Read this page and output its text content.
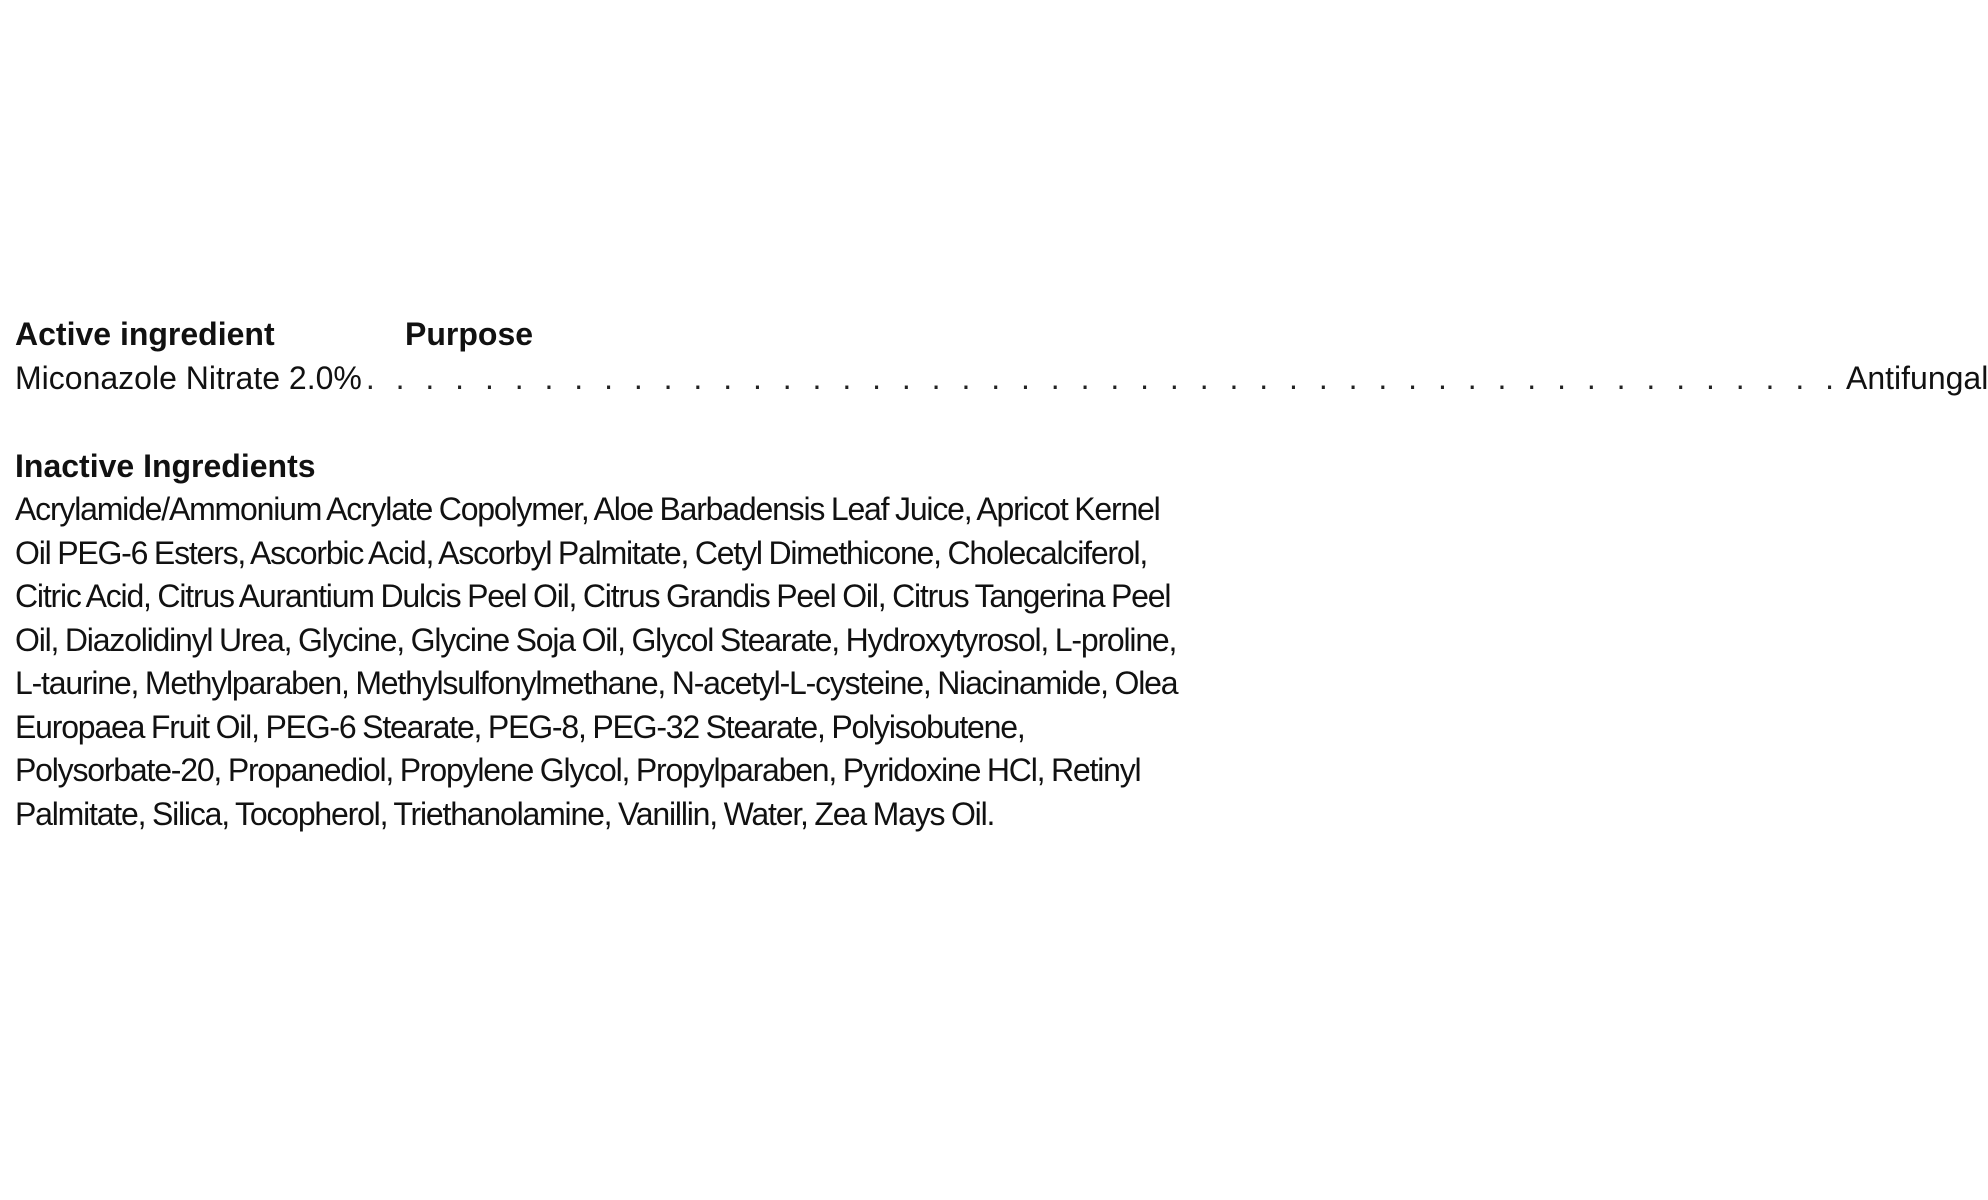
Active ingredient	Purpose
Miconazole Nitrate 2.0% . . . . . . . . . . . . . . . . . . . . . . . . . . . . . . . . . . . . . . . . . . . . . . . . . . Antifungal
Inactive Ingredients
Acrylamide/Ammonium Acrylate Copolymer, Aloe Barbadensis Leaf Juice, Apricot Kernel Oil PEG-6 Esters, Ascorbic Acid, Ascorbyl Palmitate, Cetyl Dimethicone, Cholecalciferol, Citric Acid, Citrus Aurantium Dulcis Peel Oil, Citrus Grandis Peel Oil, Citrus Tangerina Peel Oil, Diazolidinyl Urea, Glycine, Glycine Soja Oil, Glycol Stearate, Hydroxytyrosol, L-proline, L-taurine, Methylparaben, Methylsulfonylmethane, N-acetyl-L-cysteine, Niacinamide, Olea Europaea Fruit Oil, PEG-6 Stearate, PEG-8, PEG-32 Stearate, Polyisobutene, Polysorbate-20, Propanediol, Propylene Glycol, Propylparaben, Pyridoxine HCl, Retinyl Palmitate, Silica, Tocopherol, Triethanolamine, Vanillin, Water, Zea Mays Oil.
